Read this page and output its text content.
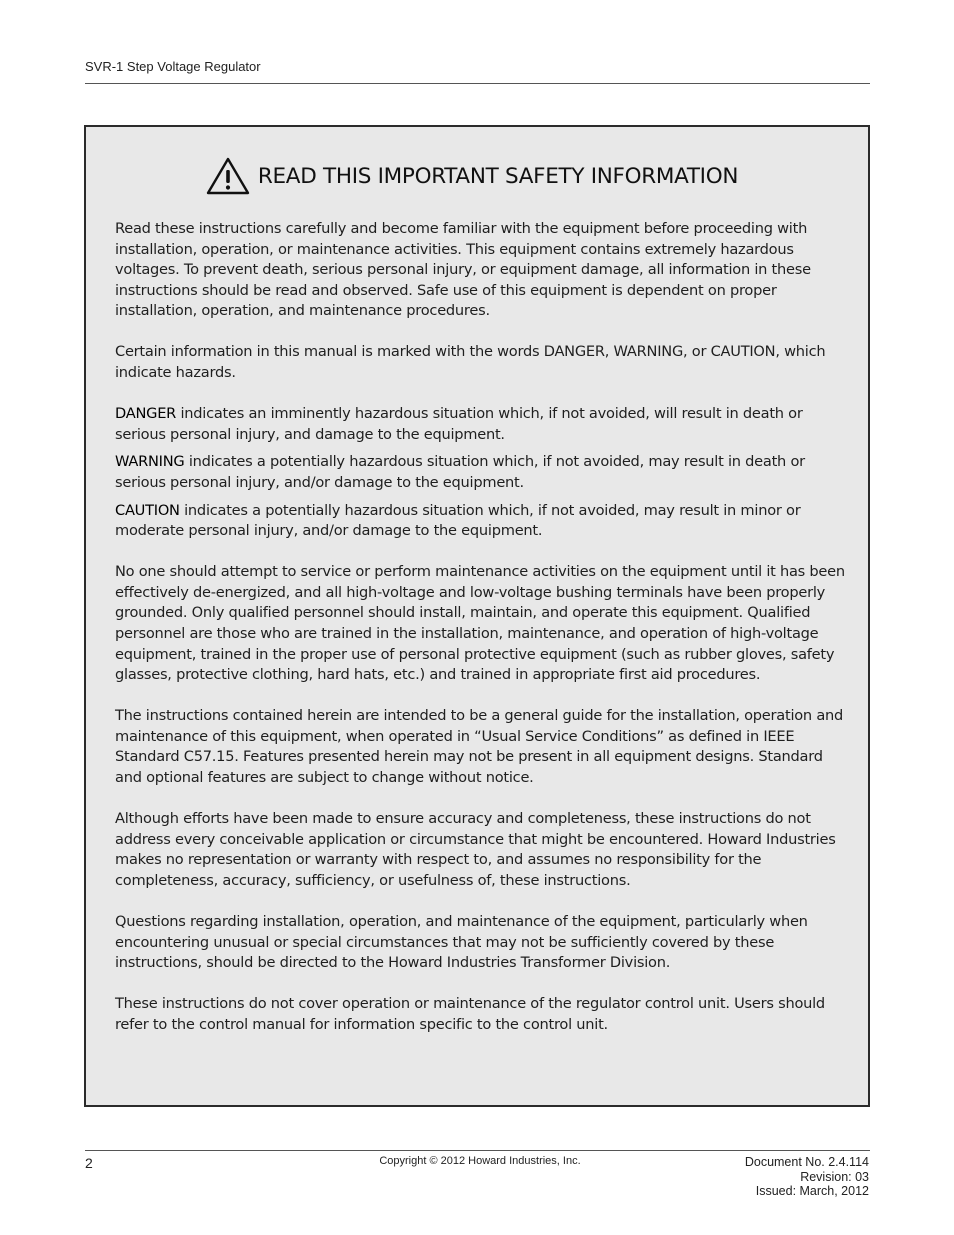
SVR-1 Step Voltage Regulator
READ THIS IMPORTANT SAFETY INFORMATION

Read these instructions carefully and become familiar with the equipment before proceeding with installation, operation, or maintenance activities. This equipment contains extremely hazardous voltages. To prevent death, serious personal injury, or equipment damage, all information in these instructions should be read and observed. Safe use of this equipment is dependent on proper installation, operation, and maintenance procedures.

Certain information in this manual is marked with the words DANGER, WARNING, or CAUTION, which indicate hazards.

DANGER indicates an imminently hazardous situation which, if not avoided, will result in death or serious personal injury, and damage to the equipment.

WARNING indicates a potentially hazardous situation which, if not avoided, may result in death or serious personal injury, and/or damage to the equipment.

CAUTION indicates a potentially hazardous situation which, if not avoided, may result in minor or moderate personal injury, and/or damage to the equipment.

No one should attempt to service or perform maintenance activities on the equipment until it has been effectively de-energized, and all high-voltage and low-voltage bushing terminals have been properly grounded. Only qualified personnel should install, maintain, and operate this equipment. Qualified personnel are those who are trained in the installation, maintenance, and operation of high-voltage equipment, trained in the proper use of personal protective equipment (such as rubber gloves, safety glasses, protective clothing, hard hats, etc.) and trained in appropriate first aid procedures.

The instructions contained herein are intended to be a general guide for the installation, operation and maintenance of this equipment, when operated in “Usual Service Conditions” as defined in IEEE Standard C57.15. Features presented herein may not be present in all equipment designs. Standard and optional features are subject to change without notice.

Although efforts have been made to ensure accuracy and completeness, these instructions do not address every conceivable application or circumstance that might be encountered. Howard Industries makes no representation or warranty with respect to, and assumes no responsibility for the completeness, accuracy, sufficiency, or usefulness of, these instructions.

Questions regarding installation, operation, and maintenance of the equipment, particularly when encountering unusual or special circumstances that may not be sufficiently covered by these instructions, should be directed to the Howard Industries Transformer Division.

These instructions do not cover operation or maintenance of the regulator control unit. Users should refer to the control manual for information specific to the control unit.

2	Copyright © 2012 Howard Industries, Inc.	Document No. 2.4.114
Revision: 03
Issued: March, 2012
